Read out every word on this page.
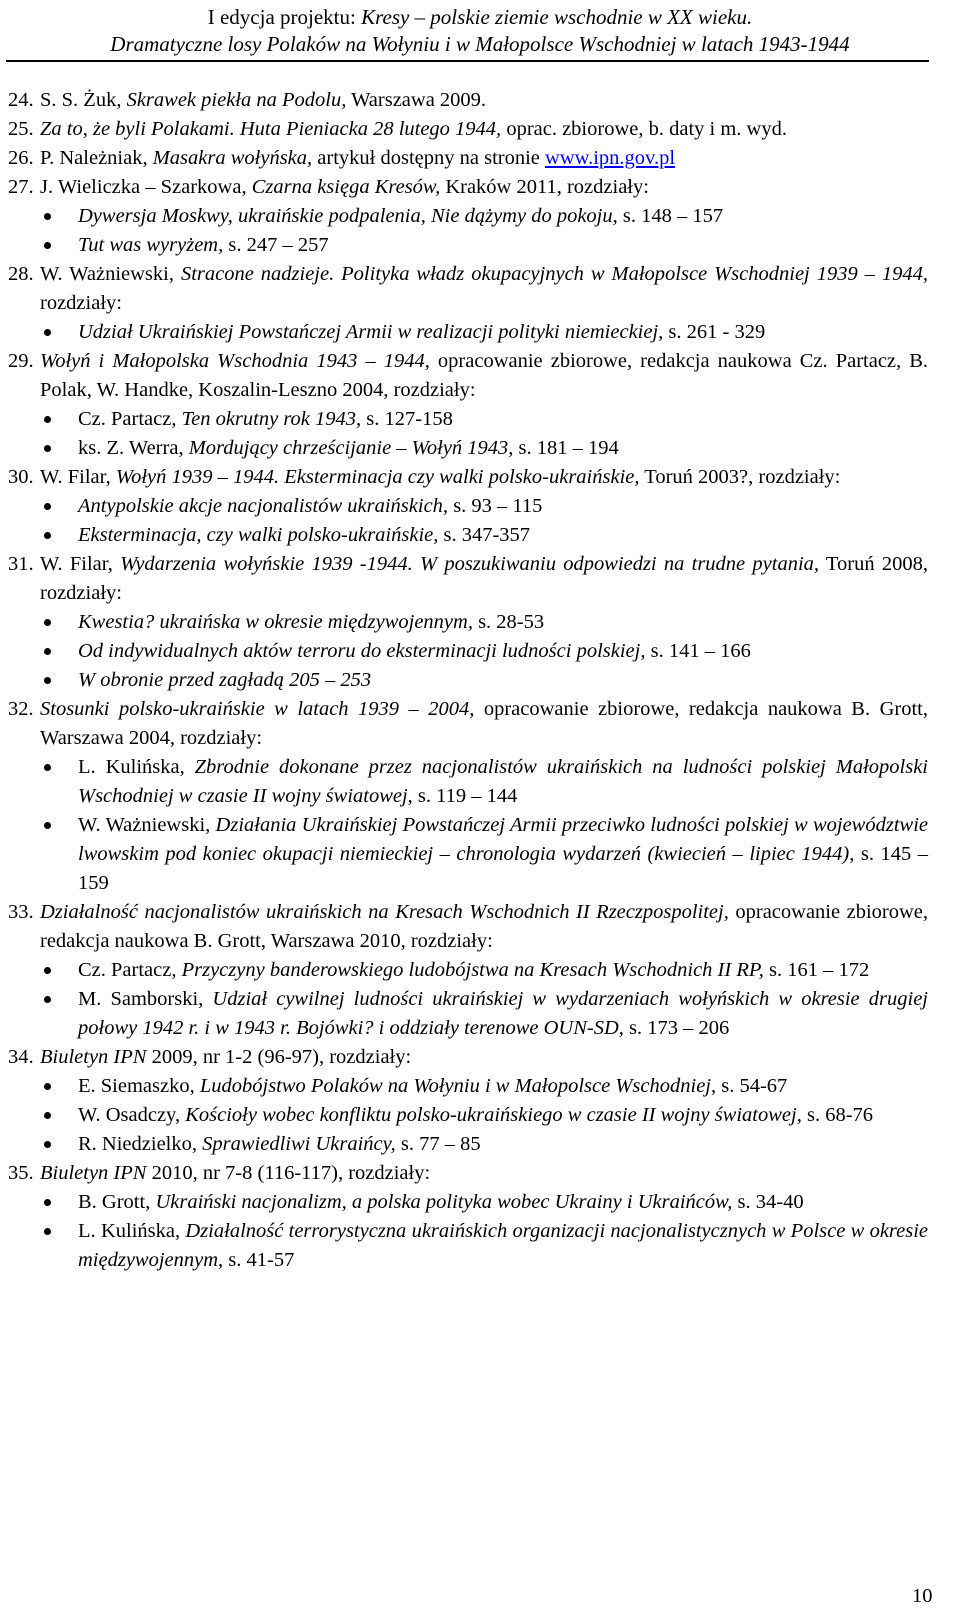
I edycja projektu: Kresy – polskie ziemie wschodnie w XX wieku.
Dramatyczne losy Polaków na Wołyniu i w Małopolsce Wschodniej w latach 1943-1944
24. S. S. Żuk, Skrawek piekła na Podolu, Warszawa 2009.
25. Za to, że byli Polakami. Huta Pieniacka 28 lutego 1944, oprac. zbiorowe, b. daty i m. wyd.
26. P. Należniak, Masakra wołyńska, artykuł dostępny na stronie www.ipn.gov.pl
27. J. Wieliczka – Szarkowa, Czarna księga Kresów, Kraków 2011, rozdziały:
Dywersja Moskwy, ukraińskie podpalenia, Nie dążymy do pokoju, s. 148 – 157
Tut was wyryżem, s. 247 – 257
28. W. Ważniewski, Stracone nadzieje. Polityka władz okupacyjnych w Małopolsce Wschodniej 1939 – 1944, rozdziały:
Udział Ukraińskiej Powstańczej Armii w realizacji polityki niemieckiej, s. 261 - 329
29. Wołyń i Małopolska Wschodnia 1943 – 1944, opracowanie zbiorowe, redakcja naukowa Cz. Partacz, B. Polak, W. Handke, Koszalin-Leszno 2004, rozdziały:
Cz. Partacz, Ten okrutny rok 1943, s. 127-158
ks. Z. Werra, Mordujący chrześcijanie – Wołyń 1943, s. 181 – 194
30. W. Filar, Wołyń 1939 – 1944. Eksterminacja czy walki polsko-ukraińskie, Toruń 2003?, rozdziały:
Antypolskie akcje nacjonalistów ukraińskich, s. 93 – 115
Eksterminacja, czy walki polsko-ukraińskie, s. 347-357
31. W. Filar, Wydarzenia wołyńskie 1939 -1944. W poszukiwaniu odpowiedzi na trudne pytania, Toruń 2008, rozdziały:
Kwestia? ukraińska w okresie międzywojennym, s. 28-53
Od indywidualnych aktów terroru do eksterminacji ludności polskiej, s. 141 – 166
W obronie przed zagładą 205 – 253
32. Stosunki polsko-ukraińskie w latach 1939 – 2004, opracowanie zbiorowe, redakcja naukowa B. Grott, Warszawa 2004, rozdziały:
L. Kulińska, Zbrodnie dokonane przez nacjonalistów ukraińskich na ludności polskiej Małopolski Wschodniej w czasie II wojny światowej, s. 119 – 144
W. Ważniewski, Działania Ukraińskiej Powstańczej Armii przeciwko ludności polskiej w województwie lwowskim pod koniec okupacji niemieckiej – chronologia wydarzeń (kwiecień – lipiec 1944), s. 145 – 159
33. Działalność nacjonalistów ukraińskich na Kresach Wschodnich II Rzeczpospolitej, opracowanie zbiorowe, redakcja naukowa B. Grott, Warszawa 2010, rozdziały:
Cz. Partacz, Przyczyny banderowskiego ludobójstwa na Kresach Wschodnich II RP, s. 161 – 172
M. Samborski, Udział cywilnej ludności ukraińskiej w wydarzeniach wołyńskich w okresie drugiej połowy 1942 r. i w 1943 r. Bojówki? i oddziały terenowe OUN-SD, s. 173 – 206
34. Biuletyn IPN 2009, nr 1-2 (96-97), rozdziały:
E. Siemaszko, Ludobójstwo Polaków na Wołyniu i w Małopolsce Wschodniej, s. 54-67
W. Osadczy, Kościoły wobec konfliktu polsko-ukraińskiego w czasie II wojny światowej, s. 68-76
R. Niedzielko, Sprawiedliwi Ukraińcy, s. 77 – 85
35. Biuletyn IPN 2010, nr 7-8 (116-117), rozdziały:
B. Grott, Ukraiński nacjonalizm, a polska polityka wobec Ukrainy i Ukraińców, s. 34-40
L. Kulińska, Działalność terrorystyczna ukraińskich organizacji nacjonalistycznych w Polsce w okresie międzywojennym, s. 41-57
10
